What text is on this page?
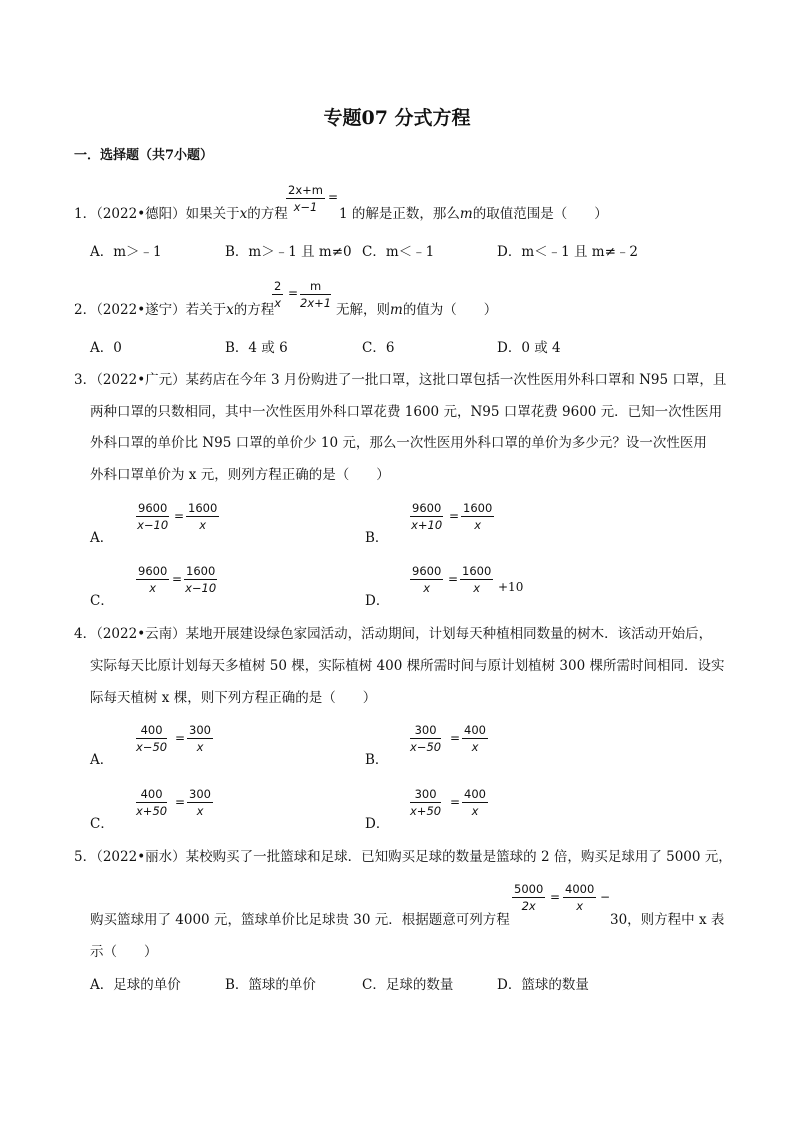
专题07 分式方程
一．选择题（共7小题）
1．（2022•德阳）如果关于x的方程
$\frac{2x+m}{x-1}$ =
1 的解是正数，那么m的取值范围是（　　）
A．m＞﹣1	B．m＞﹣1 且 m≠0 C．m＜﹣1	D．m＜﹣1 且 m≠﹣2
2．（2022•遂宁）若关于x的方程
$\frac{2}{x} = \frac{m}{2x+1}$ 无解，则m的值为（　　）
A．0	B．4 或 6	C．6	D．0 或 4
3．（2022•广元）某药店在今年 3 月份购进了一批口罩，这批口罩包括一次性医用外科口罩和 N95 口罩，且
两种口罩的只数相同，其中一次性医用外科口罩花费 1600 元，N95 口罩花费 9600 元．已知一次性医用
外科口罩的单价比 N95 口罩的单价少 10 元，那么一次性医用外科口罩的单价为多少元？设一次性医用
外科口罩单价为 x 元，则列方程正确的是（　　）
A．
$\frac{9600}{x-10} = \frac{1600}{x}$
B．
$\frac{9600}{x+10} = \frac{1600}{x}$
C．
$\frac{9600}{x} = \frac{1600}{x-10}$
D．
$\frac{9600}{x} = \frac{1600}{x} +10$
4．（2022•云南）某地开展建设绿色家园活动，活动期间，计划每天种植相同数量的树木．该活动开始后，
实际每天比原计划每天多植树 50 棵，实际植树 400 棵所需时间与原计划植树 300 棵所需时间相同．设实
际每天植树 x 棵，则下列方程正确的是（　　）
A．
$\frac{400}{x-50} = \frac{300}{x}$
B．
$\frac{300}{x-50} = \frac{400}{x}$
C．
$\frac{400}{x+50} = \frac{300}{x}$
D．
$\frac{300}{x+50} = \frac{400}{x}$
5．（2022•丽水）某校购买了一批篮球和足球．已知购买足球的数量是篮球的 2 倍，购买足球用了 5000 元，
购买篮球用了 4000 元，篮球单价比足球贵 30 元．根据题意可列方程
$\frac{5000}{2x} = \frac{4000}{x}$ −
30，则方程中 x 表
示（　　）
A．足球的单价	B．篮球的单价	C．足球的数量	D．篮球的数量
